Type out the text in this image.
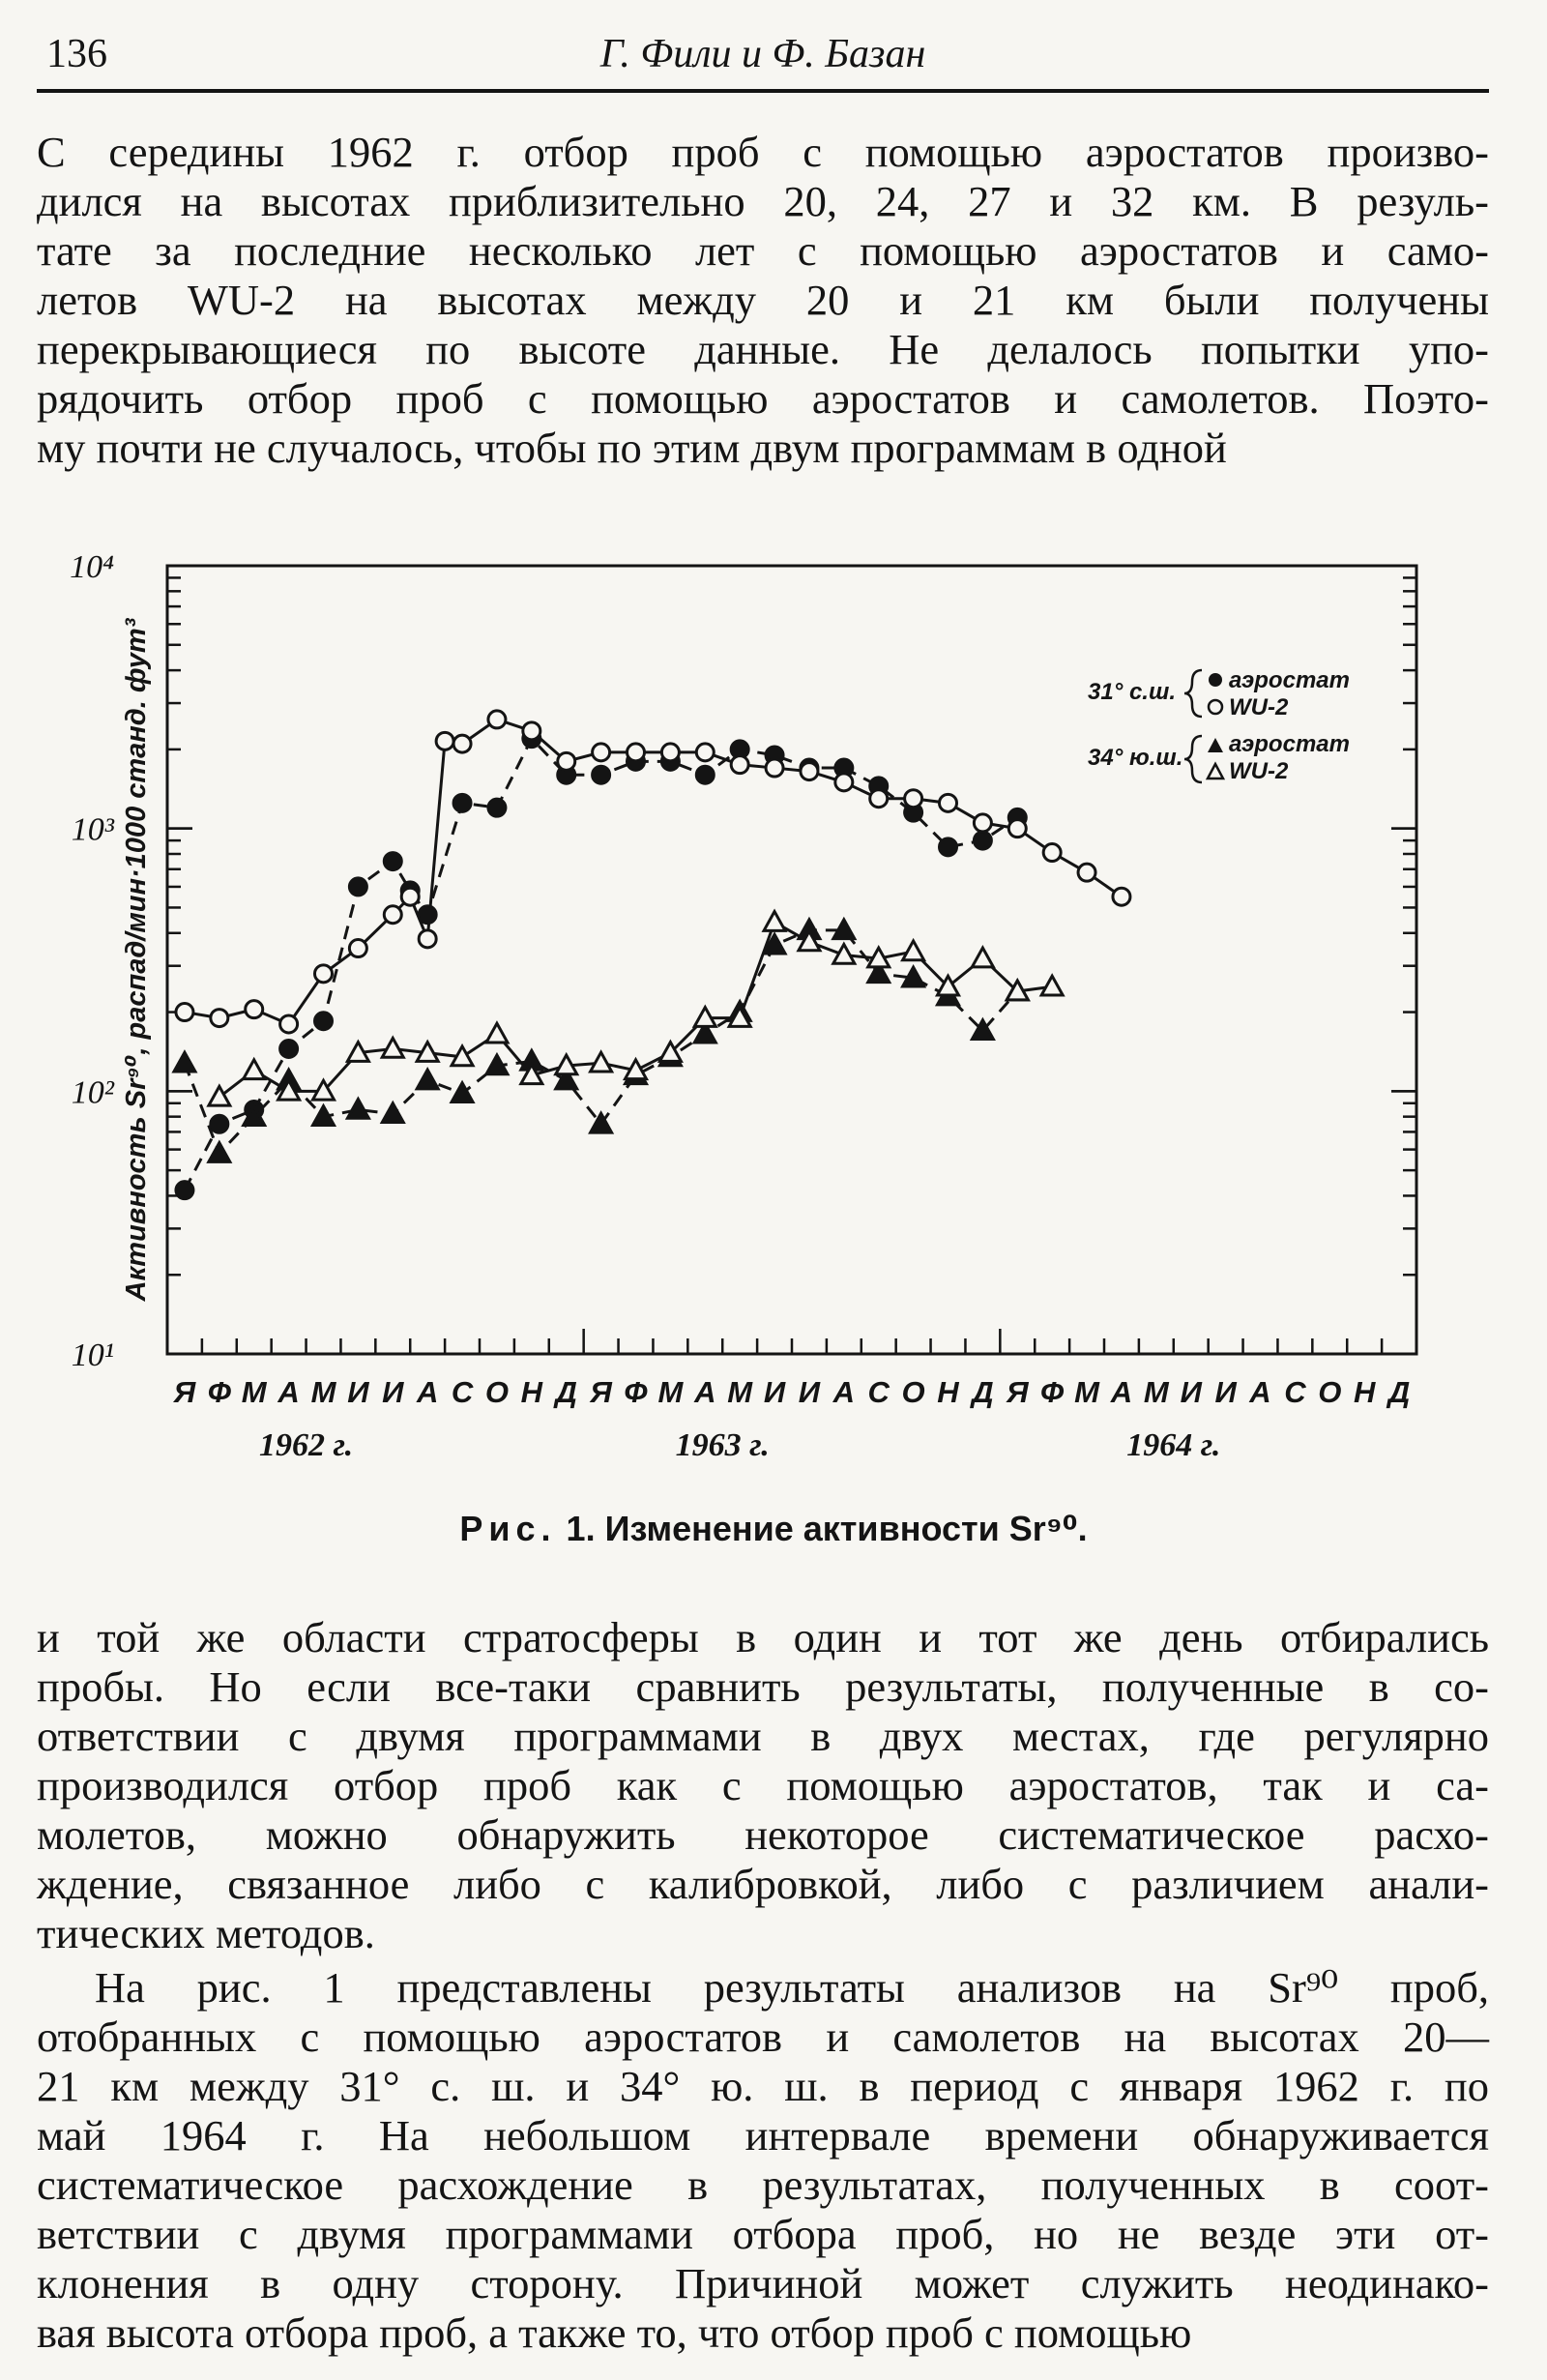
136	Г. Фили и Ф. Базан
С середины 1962 г. отбор проб с помощью аэростатов произво-
дился на высотах приблизительно 20, 24, 27 и 32 км. В резуль-
тате за последние несколько лет с помощью аэростатов и само-
летов WU-2 на высотах между 20 и 21 км были получены
перекрывающиеся по высоте данные. Не делалось попытки упо-
рядочить отбор проб с помощью аэростатов и самолетов. Поэто-
му почти не случалось, чтобы по этим двум программам в одной
10⁴
10³
10²
10¹
Активность Sr⁹⁰, распад/мин·1000 станд. фут³
Я Ф М А М И И А С О Н Д Я Ф М А М И И А С О Н Д Я Ф М А М И И А С О Н Д
1962 г.	1963 г.	1964 г.
31° с.ш. аэростат
WU-2
34° ю.ш.
аэростат
WU-2
Рис. 1. Изменение активности Sr⁹⁰.
и той же области стратосферы в один и тот же день отбирались
пробы. Но если все-таки сравнить результаты, полученные в со-
ответствии с двумя программами в двух местах, где регулярно
производился отбор проб как с помощью аэростатов, так и са-
молетов, можно обнаружить некоторое систематическое расхо-
ждение, связанное либо с калибровкой, либо с различием анали-
тических методов.
На рис. 1 представлены результаты анализов на Sr⁹⁰ проб,
отобранных с помощью аэростатов и самолетов на высотах 20—
21 км между 31° с. ш. и 34° ю. ш. в период с января 1962 г. по
май 1964 г. На небольшом интервале времени обнаруживается
систематическое расхождение в результатах, полученных в соот-
ветствии с двумя программами отбора проб, но не везде эти от-
клонения в одну сторону. Причиной может служить неодинако-
вая высота отбора проб, а также то, что отбор проб с помощью
